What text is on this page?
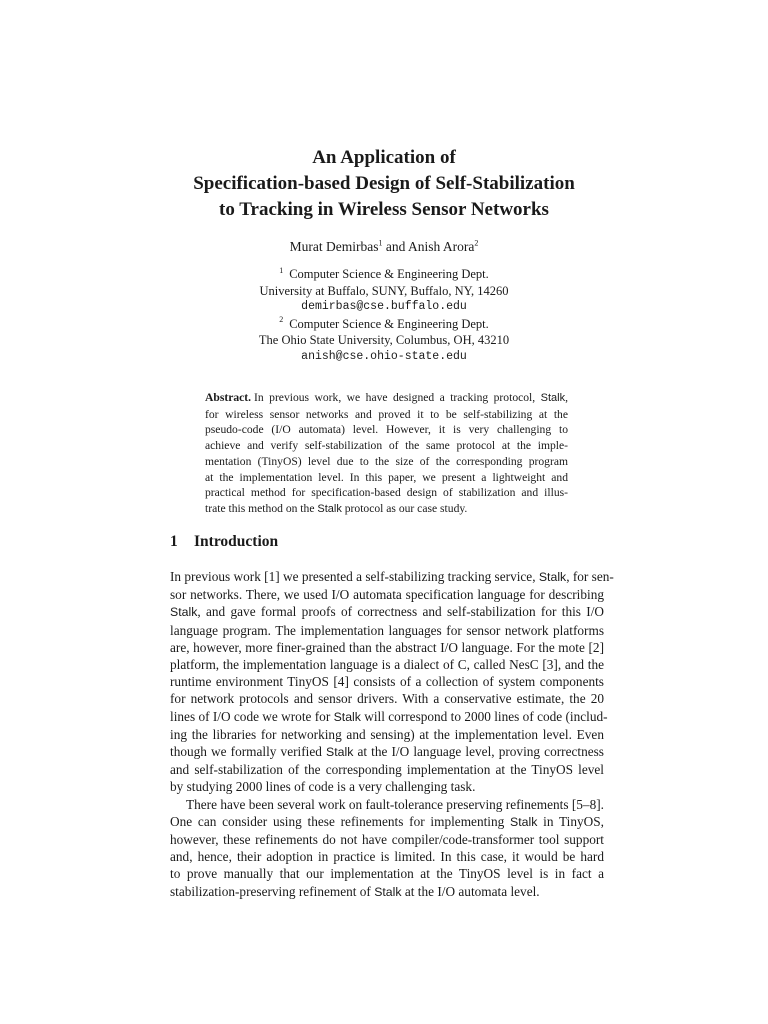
An Application of
Specification-based Design of Self-Stabilization
to Tracking in Wireless Sensor Networks
Murat Demirbas$^1$ and Anish Arora$^2$
$^1$ Computer Science & Engineering Dept.
University at Buffalo, SUNY, Buffalo, NY, 14260
demirbas@cse.buffalo.edu
$^2$ Computer Science & Engineering Dept.
The Ohio State University, Columbus, OH, 43210
anish@cse.ohio-state.edu
Abstract. In previous work, we have designed a tracking protocol, Stalk,
for wireless sensor networks and proved it to be self-stabilizing at the
pseudo-code (I/O automata) level. However, it is very challenging to
achieve and verify self-stabilization of the same protocol at the imple-
mentation (TinyOS) level due to the size of the corresponding program
at the implementation level. In this paper, we present a lightweight and
practical method for specification-based design of stabilization and illus-
trate this method on the Stalk protocol as our case study.
1 Introduction
In previous work [1] we presented a self-stabilizing tracking service, Stalk, for sen-
sor networks. There, we used I/O automata specification language for describing
Stalk, and gave formal proofs of correctness and self-stabilization for this I/O
language program. The implementation languages for sensor network platforms
are, however, more finer-grained than the abstract I/O language. For the mote [2]
platform, the implementation language is a dialect of C, called NesC [3], and the
runtime environment TinyOS [4] consists of a collection of system components
for network protocols and sensor drivers. With a conservative estimate, the 20
lines of I/O code we wrote for Stalk will correspond to 2000 lines of code (includ-
ing the libraries for networking and sensing) at the implementation level. Even
though we formally verified Stalk at the I/O language level, proving correctness
and self-stabilization of the corresponding implementation at the TinyOS level
by studying 2000 lines of code is a very challenging task.
There have been several work on fault-tolerance preserving refinements [5–8].
One can consider using these refinements for implementing Stalk in TinyOS,
however, these refinements do not have compiler/code-transformer tool support
and, hence, their adoption in practice is limited. In this case, it would be hard
to prove manually that our implementation at the TinyOS level is in fact a
stabilization-preserving refinement of Stalk at the I/O automata level.
